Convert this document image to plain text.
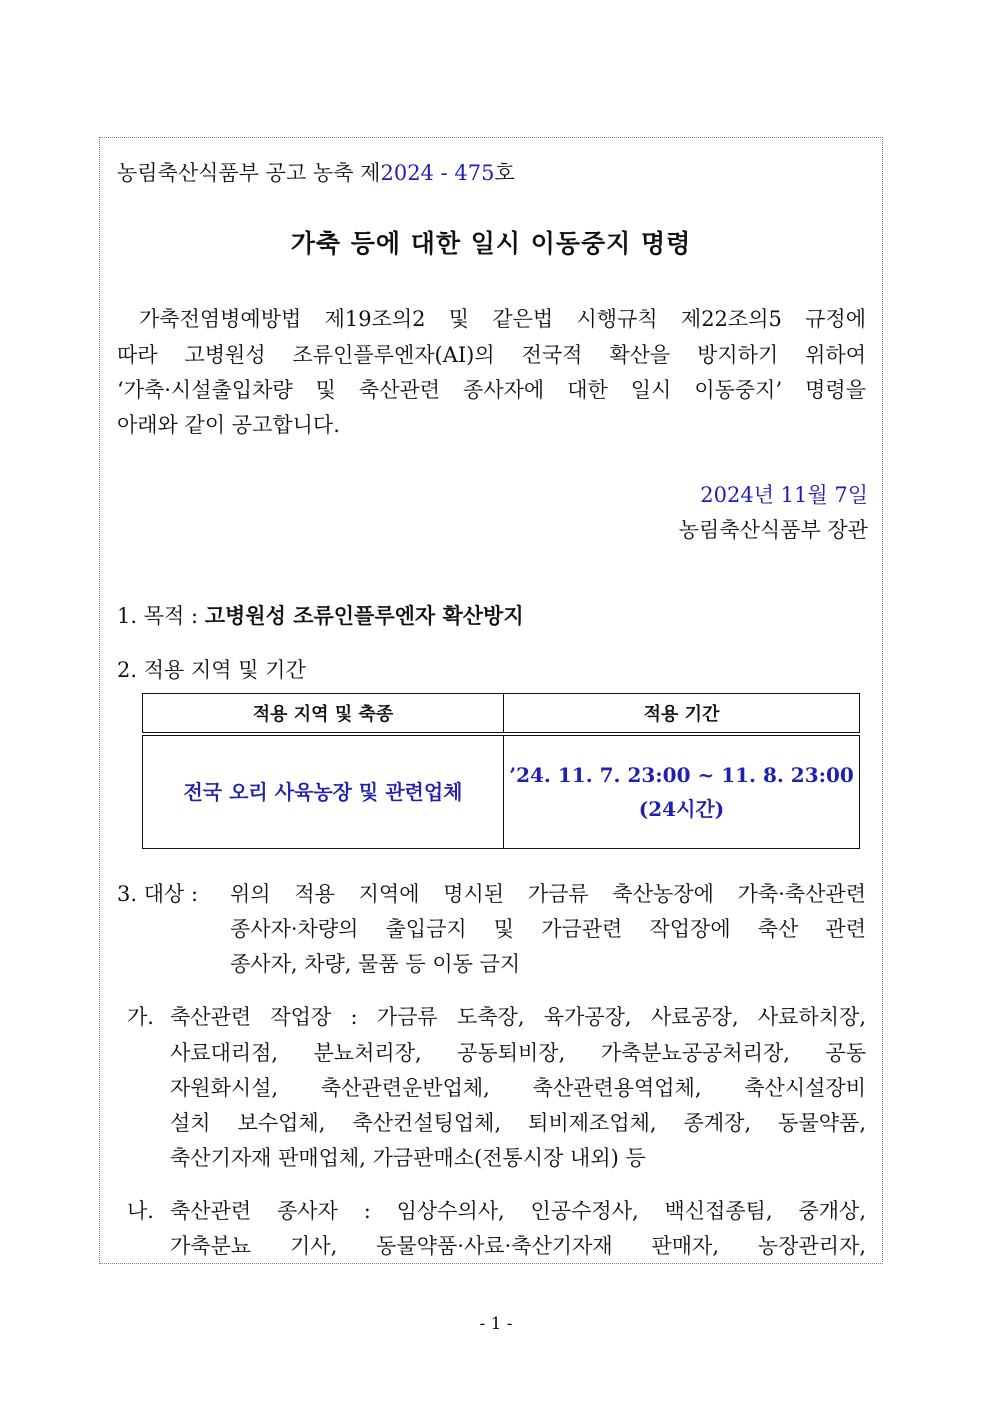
농림축산식품부 공고 농축 제2024 - 475호
가축 등에 대한 일시 이동중지 명령
가축전염병예방법 제19조의2 및 같은법 시행규칙 제22조의5 규정에
따라 고병원성 조류인플루엔자(AI)의 전국적 확산을 방지하기 위하여
‘가축·시설출입차량 및 축산관련 종사자에 대한 일시 이동중지’ 명령을
아래와 같이 공고합니다.
2024년 11월 7일
농림축산식품부 장관
1. 목적 : 고병원성 조류인플루엔자 확산방지
2. 적용 지역 및 기간
적용 지역 및 축종	적용 기간
전국 오리 사육농장 및 관련업체	’24. 11. 7. 23:00 ~ 11. 8. 23:00
(24시간)
3. 대상 : 위의 적용 지역에 명시된 가금류 축산농장에 가축·축산관련
종사자·차량의 출입금지 및 가금관련 작업장에 축산 관련
종사자, 차량, 물품 등 이동 금지
가. 축산관련 작업장 : 가금류 도축장, 육가공장, 사료공장, 사료하치장,
사료대리점, 분뇨처리장, 공동퇴비장, 가축분뇨공공처리장, 공동
자원화시설, 축산관련운반업체, 축산관련용역업체, 축산시설장비
설치 보수업체, 축산컨설팅업체, 퇴비제조업체, 종계장, 동물약품,
축산기자재 판매업체, 가금판매소(전통시장 내외) 등
나. 축산관련 종사자 : 임상수의사, 인공수정사, 백신접종팀, 중개상,
가축분뇨 기사, 동물약품·사료·축산기자재 판매자, 농장관리자,
- 1 -
